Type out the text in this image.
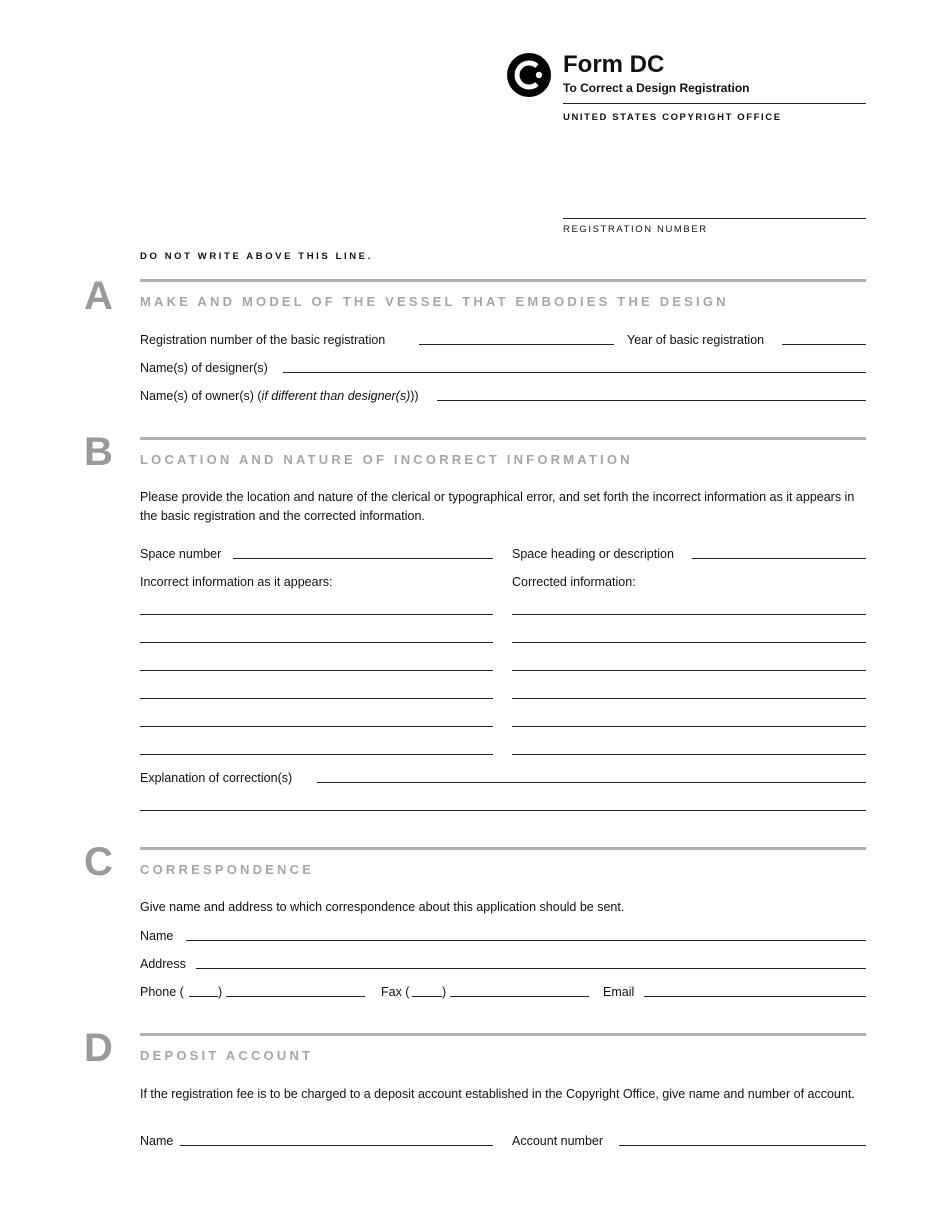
Form DC
To Correct a Design Registration
UNITED STATES COPYRIGHT OFFICE
REGISTRATION NUMBER
DO NOT WRITE ABOVE THIS LINE.
A MAKE AND MODEL OF THE VESSEL THAT EMBODIES THE DESIGN
Registration number of the basic registration	Year of basic registration
Name(s) of designer(s)
Name(s) of owner(s) (if different than designer(s)))
B LOCATION AND NATURE OF INCORRECT INFORMATION
Please provide the location and nature of the clerical or typographical error, and set forth the incorrect information as it appears in the basic registration and the corrected information.
Space number	Space heading or description
Incorrect information as it appears:	Corrected information:
Explanation of correction(s)
C CORRESPONDENCE
Give name and address to which correspondence about this application should be sent.
Name
Address
Phone (	)	Fax (	)	Email
D DEPOSIT ACCOUNT
If the registration fee is to be charged to a deposit account established in the Copyright Office, give name and number of account.
Name	Account number
